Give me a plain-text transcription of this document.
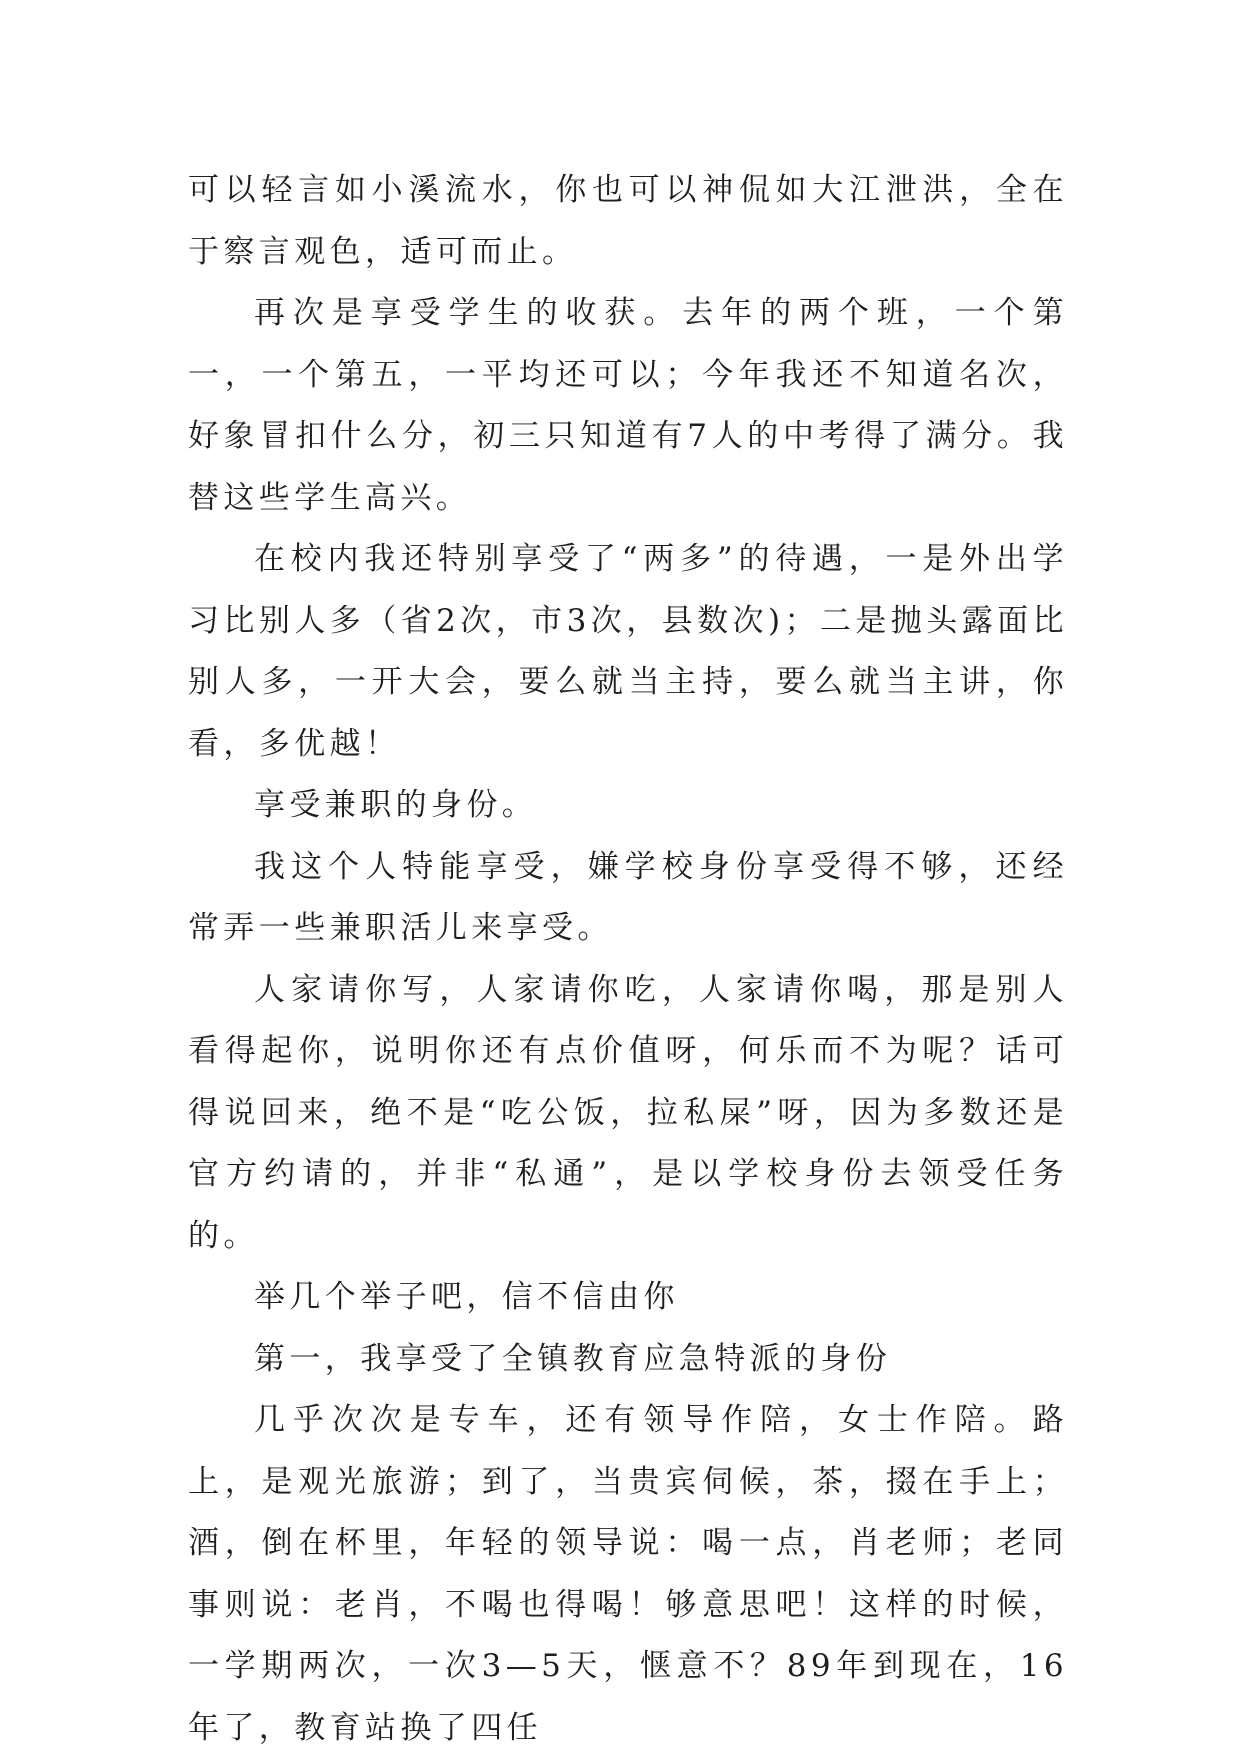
可以轻言如小溪流水，你也可以神侃如大江泄洪，全在于察言观色，适可而止。

再次是享受学生的收获。去年的两个班，一个第一，一个第五，一平均还可以；今年我还不知道名次，好象冒扣什么分，初三只知道有7人的中考得了满分。我替这些学生高兴。

在校内我还特别享受了“两多”的待遇，一是外出学习比别人多（省2次，市3次，县数次)；二是抛头露面比别人多，一开大会，要么就当主持，要么就当主讲，你看，多优越！

享受兼职的身份。

我这个人特能享受，嫌学校身份享受得不够，还经常弄一些兼职活儿来享受。

人家请你写，人家请你吃，人家请你喝，那是别人看得起你，说明你还有点价值呀，何乐而不为呢？话可得说回来，绝不是“吃公饭，拉私屎”呀，因为多数还是官方约请的，并非“私通”，是以学校身份去领受任务的。

举几个举子吧，信不信由你

第一，我享受了全镇教育应急特派的身份

几乎次次是专车，还有领导作陪，女士作陪。路上，是观光旅游；到了，当贵宾伺候，茶，掇在手上；酒，倒在杯里，年轻的领导说：喝一点，肖老师；老同事则说：老肖，不喝也得喝！够意思吧！这样的时候，一学期两次，一次3—5天，惬意不？89年到现在，16年了，教育站换了四任
